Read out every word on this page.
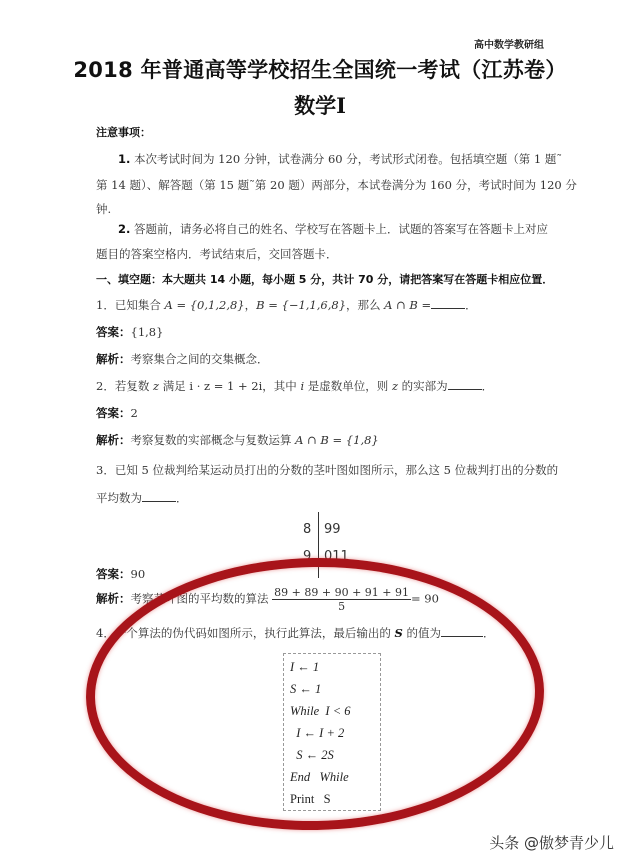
高中数学教研组
2018 年普通高等学校招生全国统一考试（江苏卷）
数学Ⅰ
注意事项：
1. 本次考试时间为 120 分钟，试卷满分 60 分，考试形式闭卷。包括填空题（第 1 题˜
第 14 题）、解答题（第 15 题˜第 20 题）两部分，本试卷满分为 160 分，考试时间为 120 分
钟.
2. 答题前，请务必将自己的姓名、学校写在答题卡上．试题的答案写在答题卡上对应
题目的答案空格内．考试结束后，交回答题卡．
一、填空题：本大题共 14 小题，每小题 5 分，共计 70 分，请把答案写在答题卡相应位置．
1．已知集合 A = {0,1,2,8}，B = {−1,1,6,8}，那么 A ∩ B =	．
答案：{1,8}
解析：考察集合之间的交集概念．
2．若复数 z 满足 i · z = 1 + 2i，其中 i 是虚数单位，则 z 的实部为	．
答案：2
解析：考察复数的实部概念与复数运算 A ∩ B = {1,8}
3．已知 5 位裁判给某运动员打出的分数的茎叶图如图所示，那么这 5 位裁判打出的分数的
平均数为	．
8 99
9 011
答案：90
解析：考察茎叶图的平均数的算法 $\frac{89 + 89 + 90 + 91 + 91}{5} = 90$
4．一个算法的伪代码如图所示，执行此算法，最后输出的 S 的值为	．
I ← 1
S ← 1
While  I < 6
I ← I + 2
S ← 2S
End   While
Print   S
头条 @傲梦青少儿
